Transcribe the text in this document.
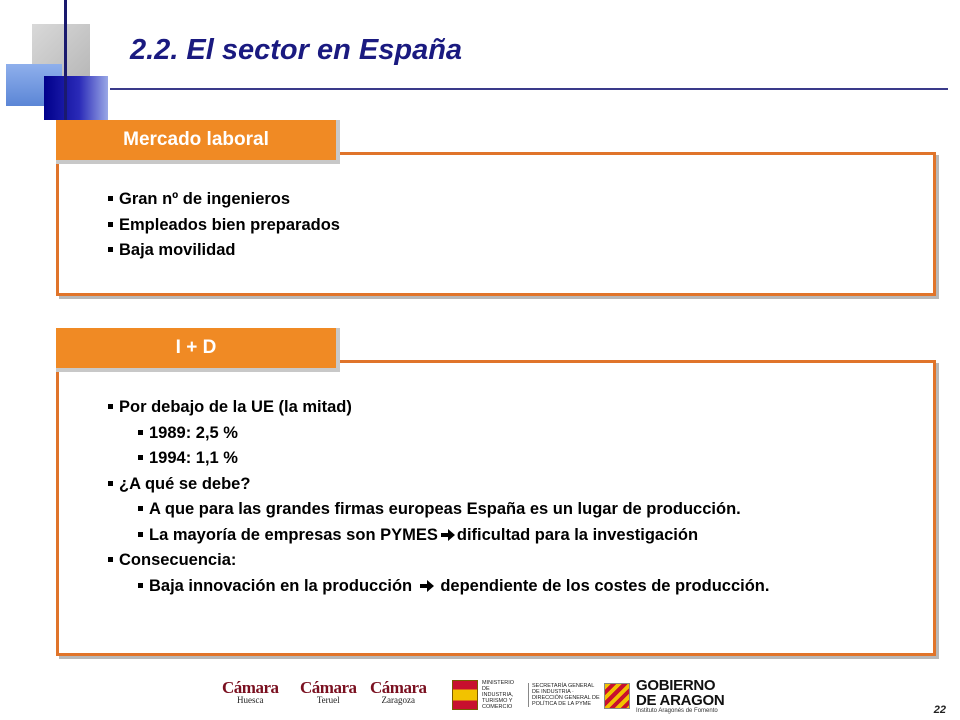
2.2. El sector en España
Gran nº de ingenieros
Empleados bien preparados
Baja movilidad
Mercado laboral
Por debajo de la UE (la mitad)
1989: 2,5 %
1994: 1,1 %
¿A qué se debe?
A que para las grandes firmas europeas España es un lugar de producción.
La mayoría de empresas son PYMES dificultad para la investigación
Consecuencia:
Baja innovación en la producción dependiente de los costes de producción.
I + D
Cámara
Huesca
Cámara
Teruel
Cámara
Zaragoza
MINISTERIO DE INDUSTRIA, TURISMO Y COMERCIO
SECRETARÍA GENERAL DE INDUSTRIA · DIRECCIÓN GENERAL DE POLÍTICA DE LA PYME
GOBIERNO
DE ARAGON
Instituto Aragonés de Fomento	22
